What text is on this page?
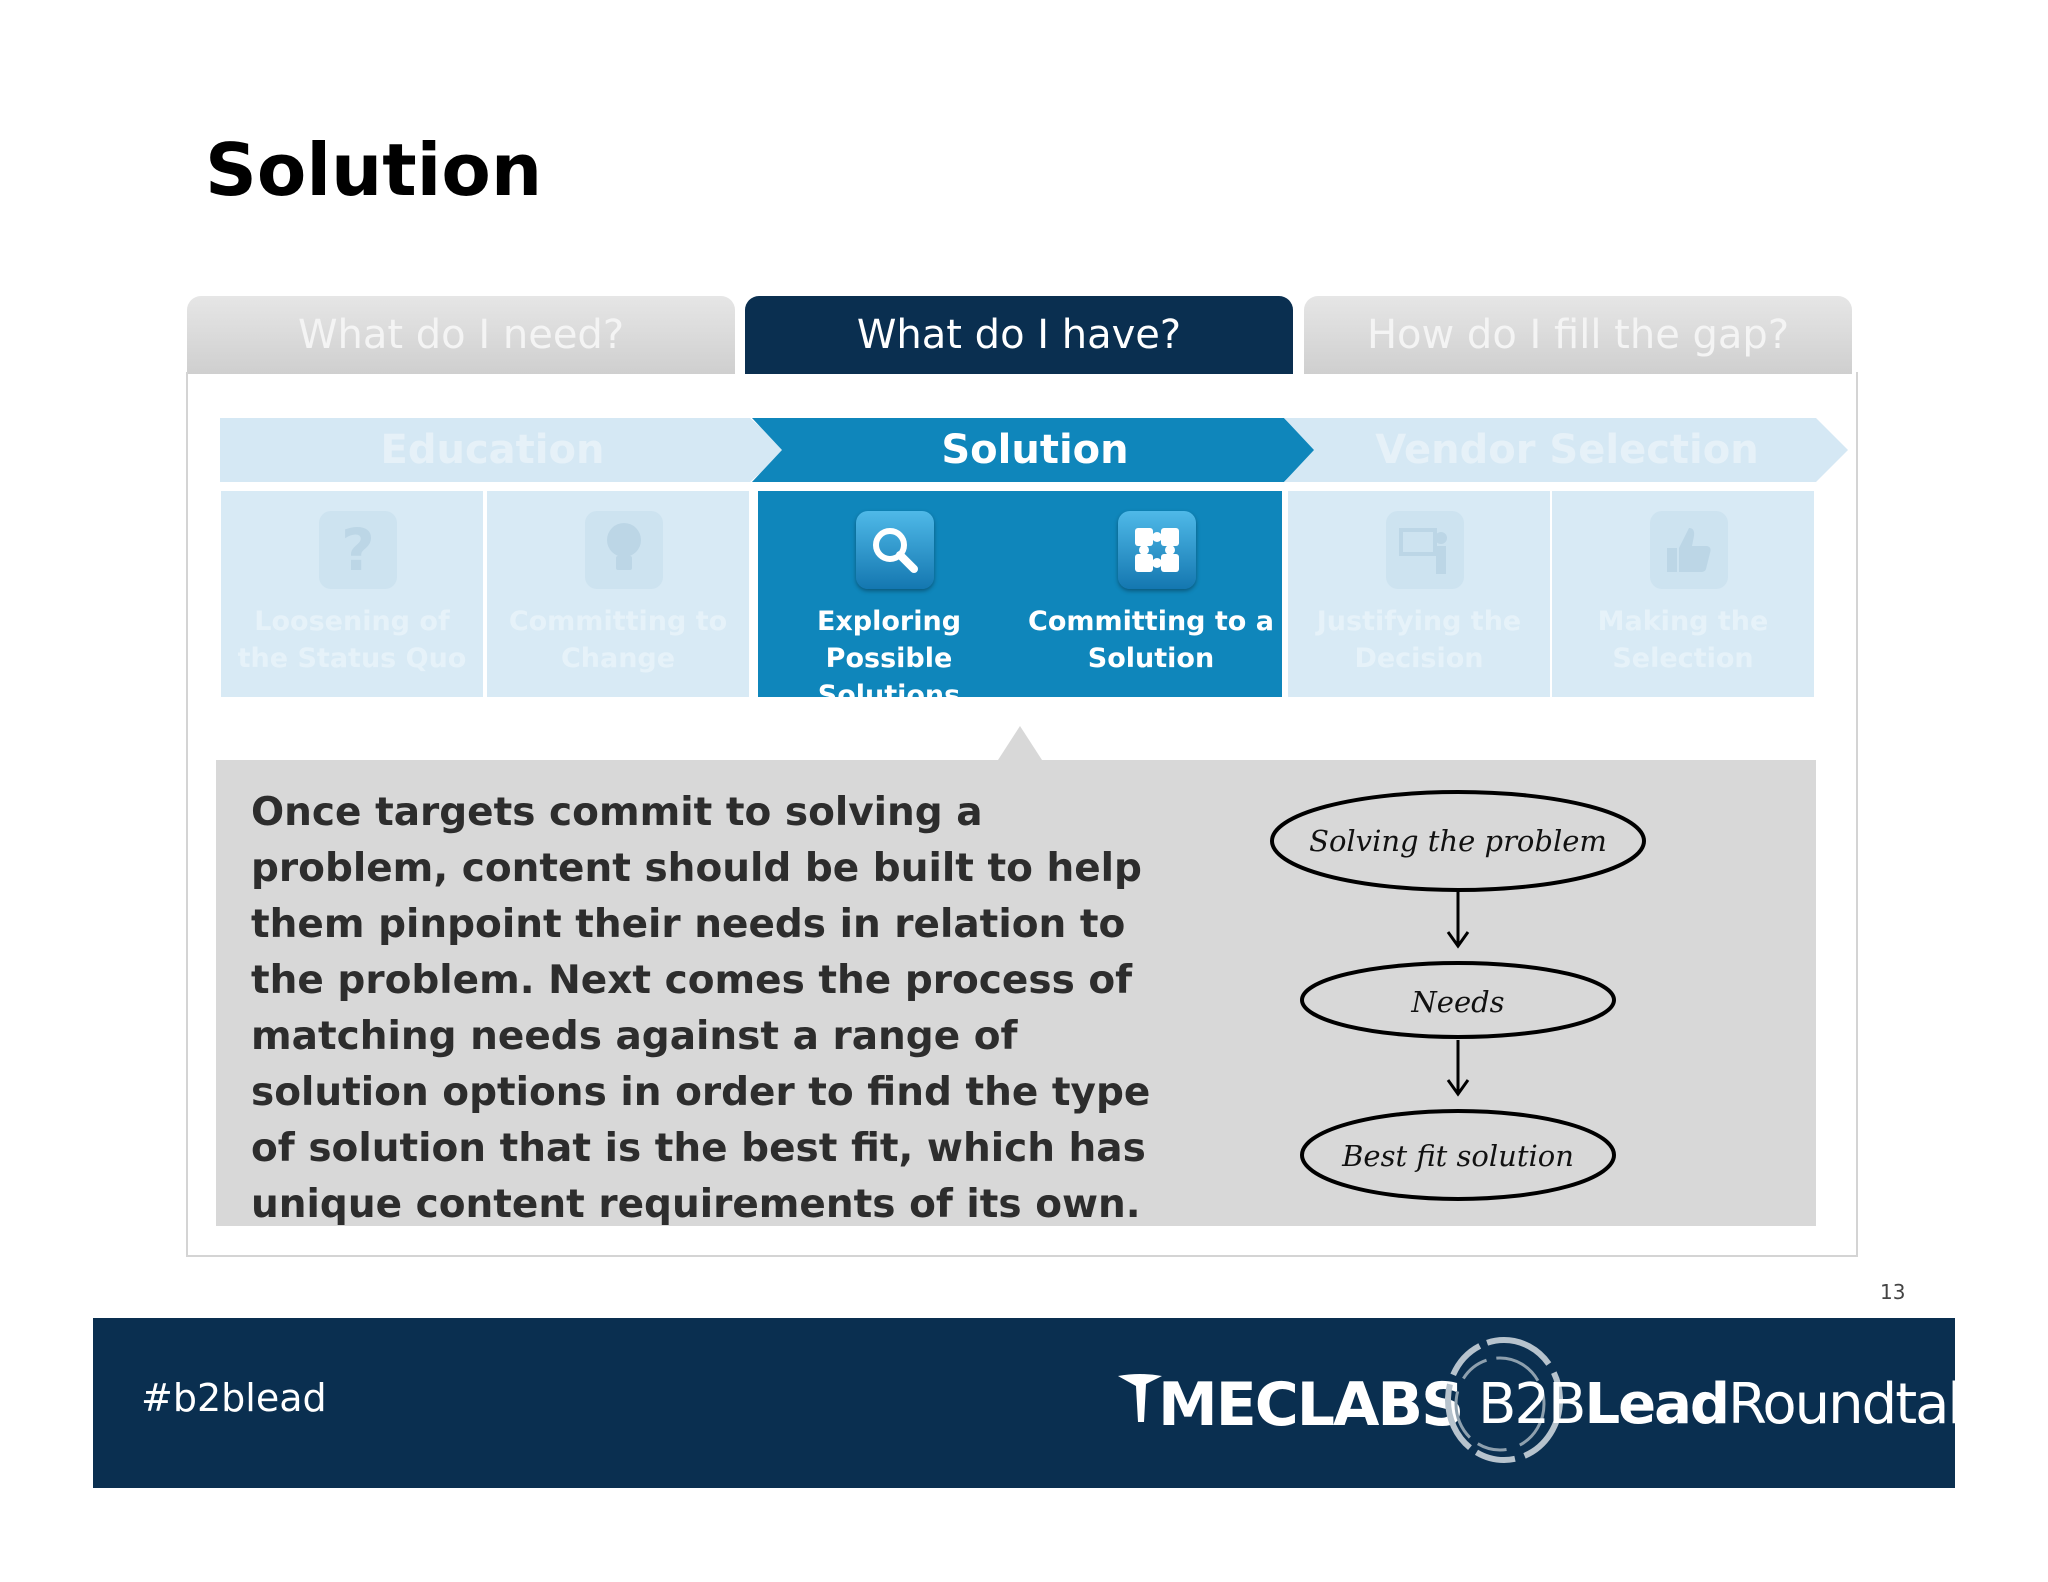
Solution
What do I need?	What do I have?	How do I fill the gap?
Education	Solution	Vendor Selection
?
Loosening of the Status Quo
Committing to Change
Exploring Possible Solutions
Committing to a Solution
Justifying the Decision
Making the Selection
Once targets commit to solving a problem, content should be built to help them pinpoint their needs in relation to the problem. Next comes the process of matching needs against a range of solution options in order to find the type of solution that is the best fit, which has unique content requirements of its own.
Solving the problem
Needs
Best fit solution
13
#b2blead	MECLABS B2BLeadRoundtable
